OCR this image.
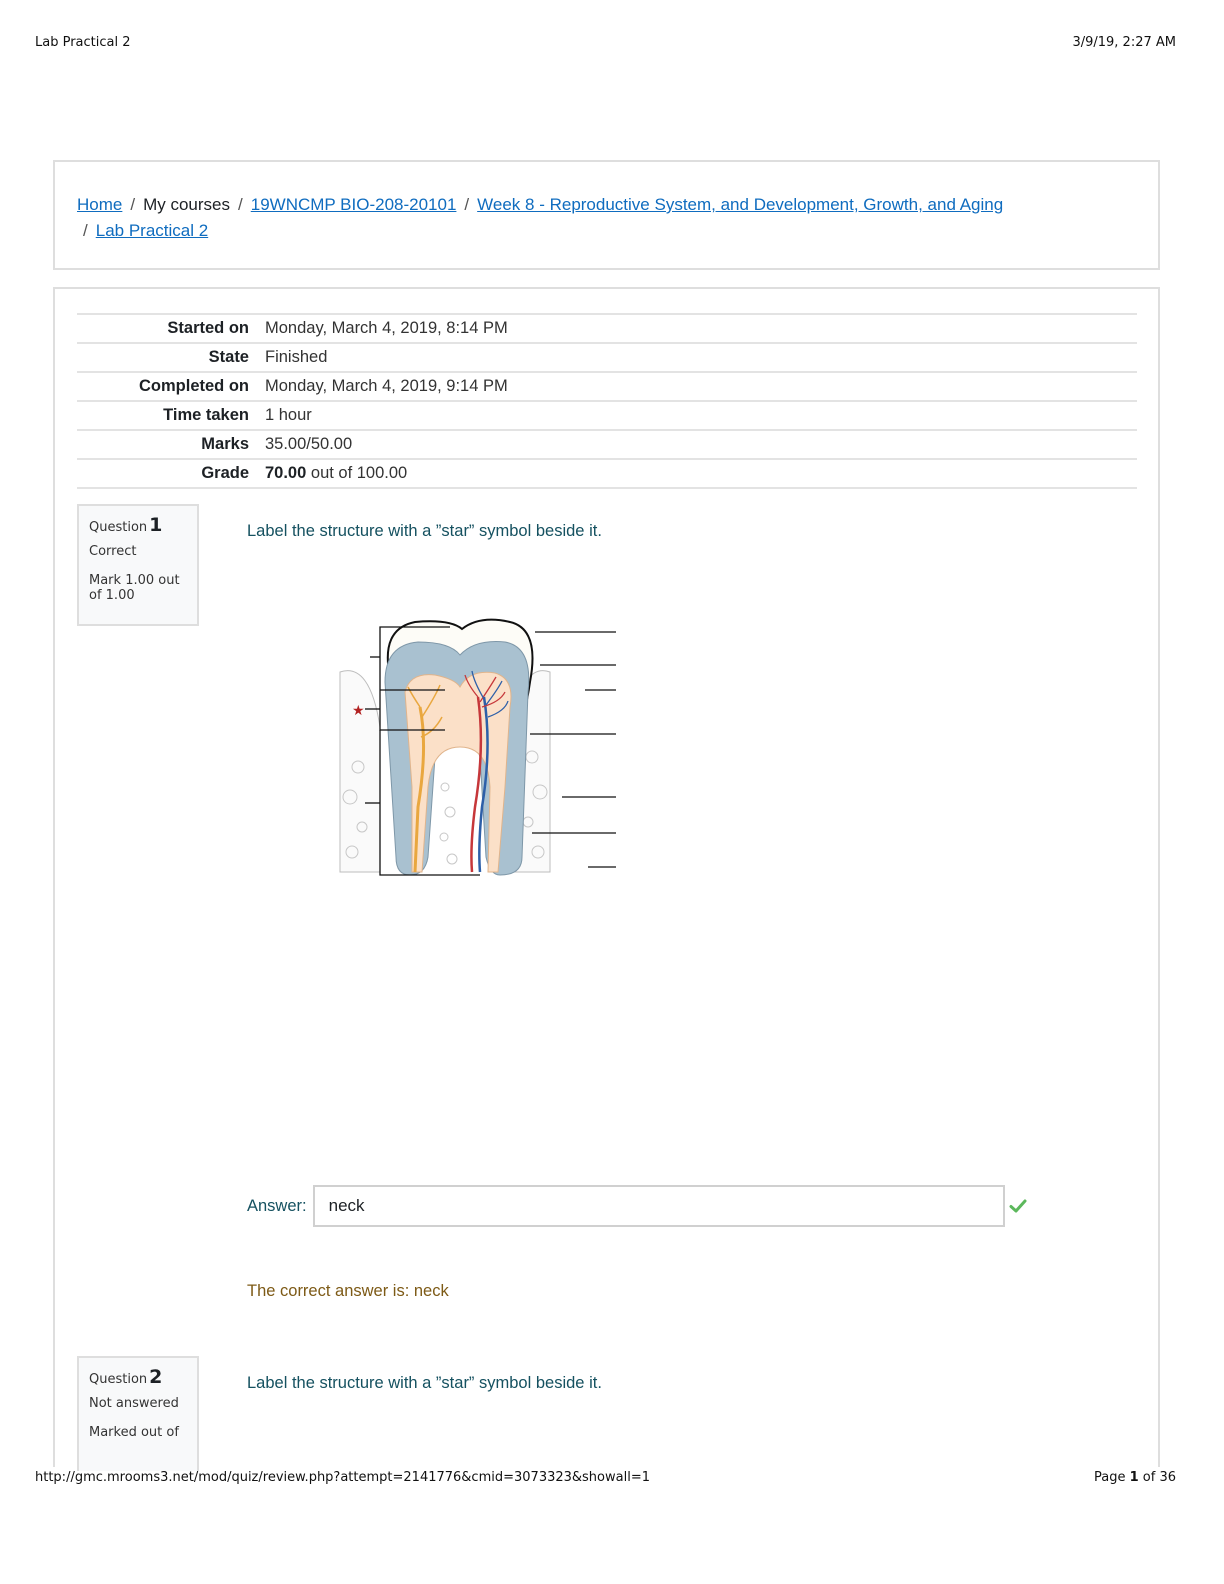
Lab Practical 2	3/9/19, 2:27 AM
Home / My courses / 19WNCMP BIO-208-20101 / Week 8 - Reproductive System, and Development, Growth, and Aging
/ Lab Practical 2
Started on	Monday, March 4, 2019, 8:14 PM
State	Finished
Completed on	Monday, March 4, 2019, 9:14 PM
Time taken	1 hour
Marks	35.00/50.00
Grade	70.00 out of 100.00
Question 1
Correct
Mark 1.00 out
of 1.00
Label the structure with a ”star” symbol beside it.
★
Answer:	neck
The correct answer is: neck
Question 2
Not answered
Marked out of
Label the structure with a ”star” symbol beside it.
http://gmc.mrooms3.net/mod/quiz/review.php?attempt=2141776&cmid=3073323&showall=1	Page 1 of 36
